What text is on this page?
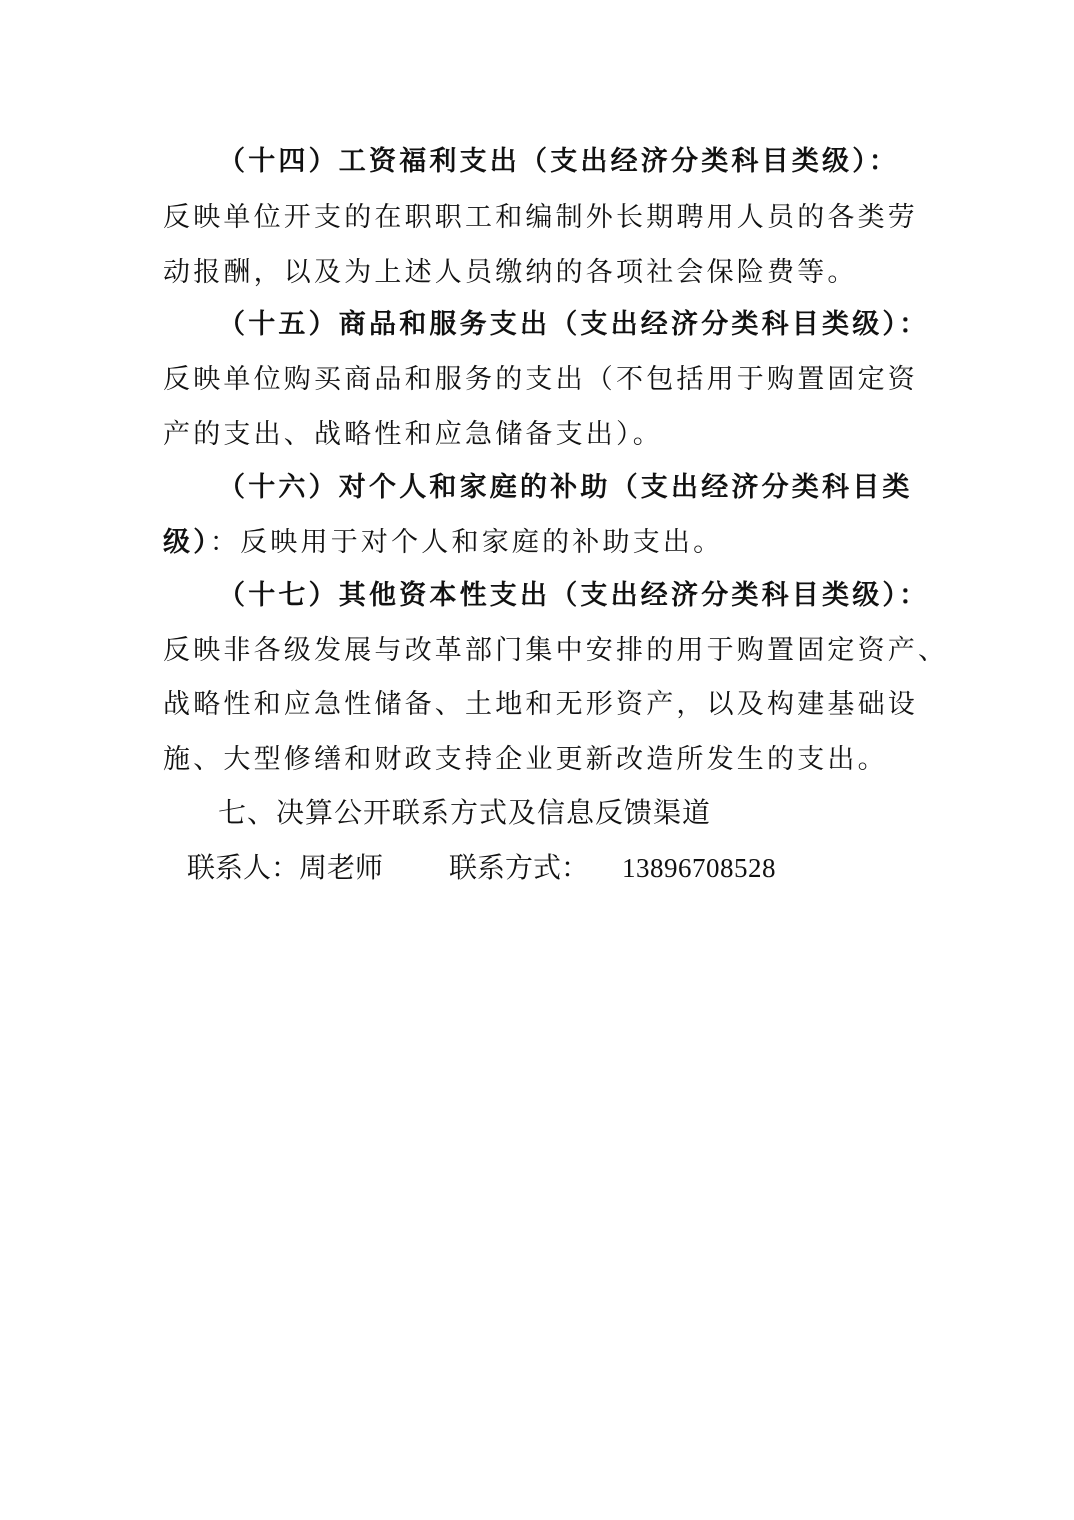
（十四）工资福利支出（支出经济分类科目类级）：
反映单位开支的在职职工和编制外长期聘用人员的各类劳
动报酬，以及为上述人员缴纳的各项社会保险费等。
（十五）商品和服务支出（支出经济分类科目类级）：
反映单位购买商品和服务的支出（不包括用于购置固定资
产的支出、战略性和应急储备支出）。
（十六）对个人和家庭的补助（支出经济分类科目类
级）：反映用于对个人和家庭的补助支出。
（十七）其他资本性支出（支出经济分类科目类级）：
反映非各级发展与改革部门集中安排的用于购置固定资产、
战略性和应急性储备、土地和无形资产，以及构建基础设
施、大型修缮和财政支持企业更新改造所发生的支出。
七、决算公开联系方式及信息反馈渠道
联系人：周老师 联系方式： 13896708528
